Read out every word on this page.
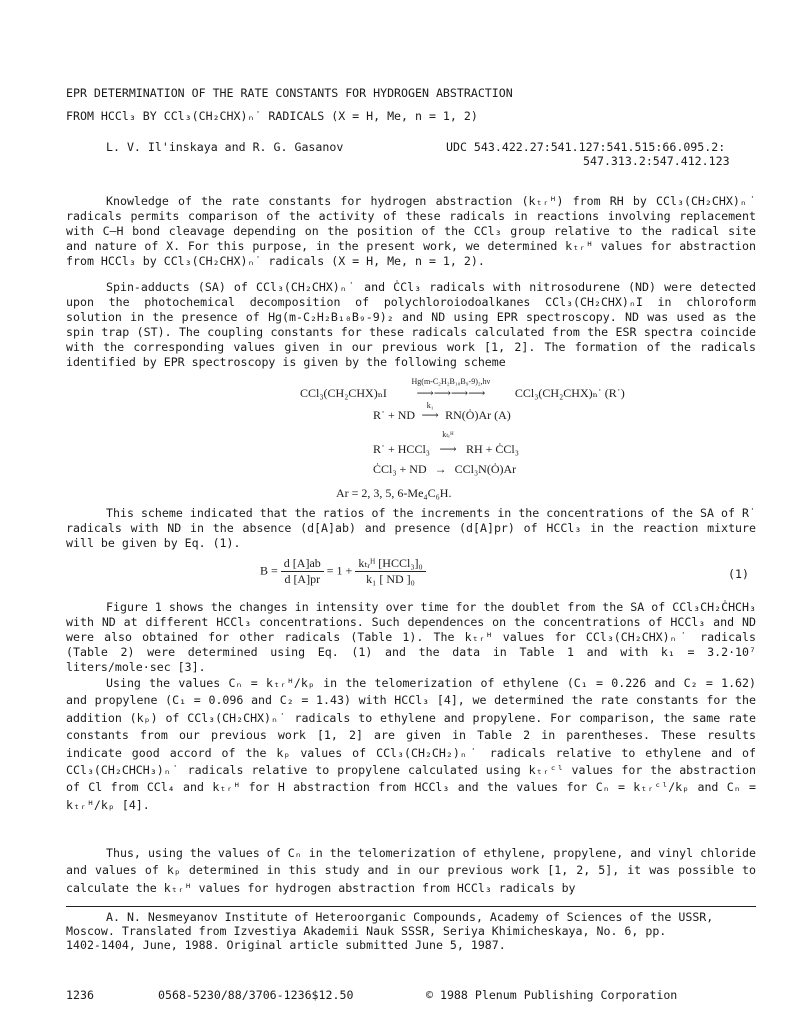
EPR DETERMINATION OF THE RATE CONSTANTS FOR HYDROGEN ABSTRACTION
FROM HCCl₃ BY CCl₃(CH₂CHX)ₙ˙ RADICALS (X = H, Me, n = 1, 2)
L. V. Il'inskaya and R. G. Gasanov	UDC 543.422.27:541.127:541.515:66.095.2:
547.313.2:547.412.123

Knowledge of the rate constants for hydrogen abstraction (kₜᵣᴴ) from RH by CCl₃(CH₂CHX)ₙ˙ radicals permits comparison of the activity of these radicals in reactions involving replacement with C–H bond cleavage depending on the position of the CCl₃ group relative to the radical site and nature of X. For this purpose, in the present work, we determined kₜᵣᴴ values for abstraction from HCCl₃ by CCl₃(CH₂CHX)ₙ˙ radicals (X = H, Me, n = 1, 2).

Spin-adducts (SA) of CCl₃(CH₂CHX)ₙ˙ and ĊCl₃ radicals with nitrosodurene (ND) were detected upon the photochemical decomposition of polychloroiodoalkanes CCl₃(CH₂CHX)ₙI in chloroform solution in the presence of Hg(m-C₂H₂B₁₀B₉-9)₂ and ND using EPR spectroscopy. ND was used as the spin trap (ST). The coupling constants for these radicals calculated from the ESR spectra coincide with the corresponding values given in our previous work [1, 2]. The formation of the radicals identified by EPR spectroscopy is given by the following scheme

CCl₃(CH₂CHX)ₙI
Hg(m-C₂H₂B₁₀B₉-9)₂,hν
⟶⟶⟶⟶ CCl₃(CH₂CHX)ₙ˙ (R˙)
R˙ + ND
k₁
⟶ RN(Ȯ)Ar (A)
R˙ + HCCl₃
kₜᵣᴴ
⟶ RH + ĊCl₃
ĊCl₃ + ND → CCl₃N(Ȯ)Ar
Ar = 2, 3, 5, 6-Me₄C₆H.

This scheme indicated that the ratios of the increments in the concentrations of the SA of R˙ radicals with ND in the absence (d[A]ab) and presence (d[A]pr) of HCCl₃ in the reaction mixture will be given by Eq. (1).

$B = \frac{d [A]ab}{d [A]pr} = 1 + \frac{\text{kₜᵣᴴ [HCCl₃]₀}}{\text{k₁ [ ND ]₀}}$	(1)

Figure 1 shows the changes in intensity over time for the doublet from the SA of CCl₃CH₂ĊHCH₃ with ND at different HCCl₃ concentrations. Such dependences on the concentrations of HCCl₃ and ND were also obtained for other radicals (Table 1). The kₜᵣᴴ values for CCl₃(CH₂CHX)ₙ˙ radicals (Table 2) were determined using Eq. (1) and the data in Table 1 and with k₁ = 3.2·10⁷ liters/mole·sec [3].

Using the values Cₙ = kₜᵣᴴ/kₚ in the telomerization of ethylene (C₁ = 0.226 and C₂ = 1.62) and propylene (C₁ = 0.096 and C₂ = 1.43) with HCCl₃ [4], we determined the rate constants for the addition (kₚ) of CCl₃(CH₂CHX)ₙ˙ radicals to ethylene and propylene. For comparison, the same rate constants from our previous work [1, 2] are given in Table 2 in parentheses. These results indicate good accord of the kₚ values of CCl₃(CH₂CH₂)ₙ˙ radicals relative to ethylene and of CCl₃(CH₂CHCH₃)ₙ˙ radicals relative to propylene calculated using kₜᵣᶜˡ values for the abstraction of Cl from CCl₄ and kₜᵣᴴ for H abstraction from HCCl₃ and the values for Cₙ = kₜᵣᶜˡ/kₚ and Cₙ = kₜᵣᴴ/kₚ [4].

Thus, using the values of Cₙ in the telomerization of ethylene, propylene, and vinyl chloride and values of kₚ determined in this study and in our previous work [1, 2, 5], it was possible to calculate the kₜᵣᴴ values for hydrogen abstraction from HCCl₃ radicals by

A. N. Nesmeyanov Institute of Heteroorganic Compounds, Academy of Sciences of the USSR,
Moscow. Translated from Izvestiya Akademii Nauk SSSR, Seriya Khimicheskaya, No. 6, pp.
1402-1404, June, 1988. Original article submitted June 5, 1987.
1236	0568-5230/88/3706-1236$12.50	© 1988 Plenum Publishing Corporation
